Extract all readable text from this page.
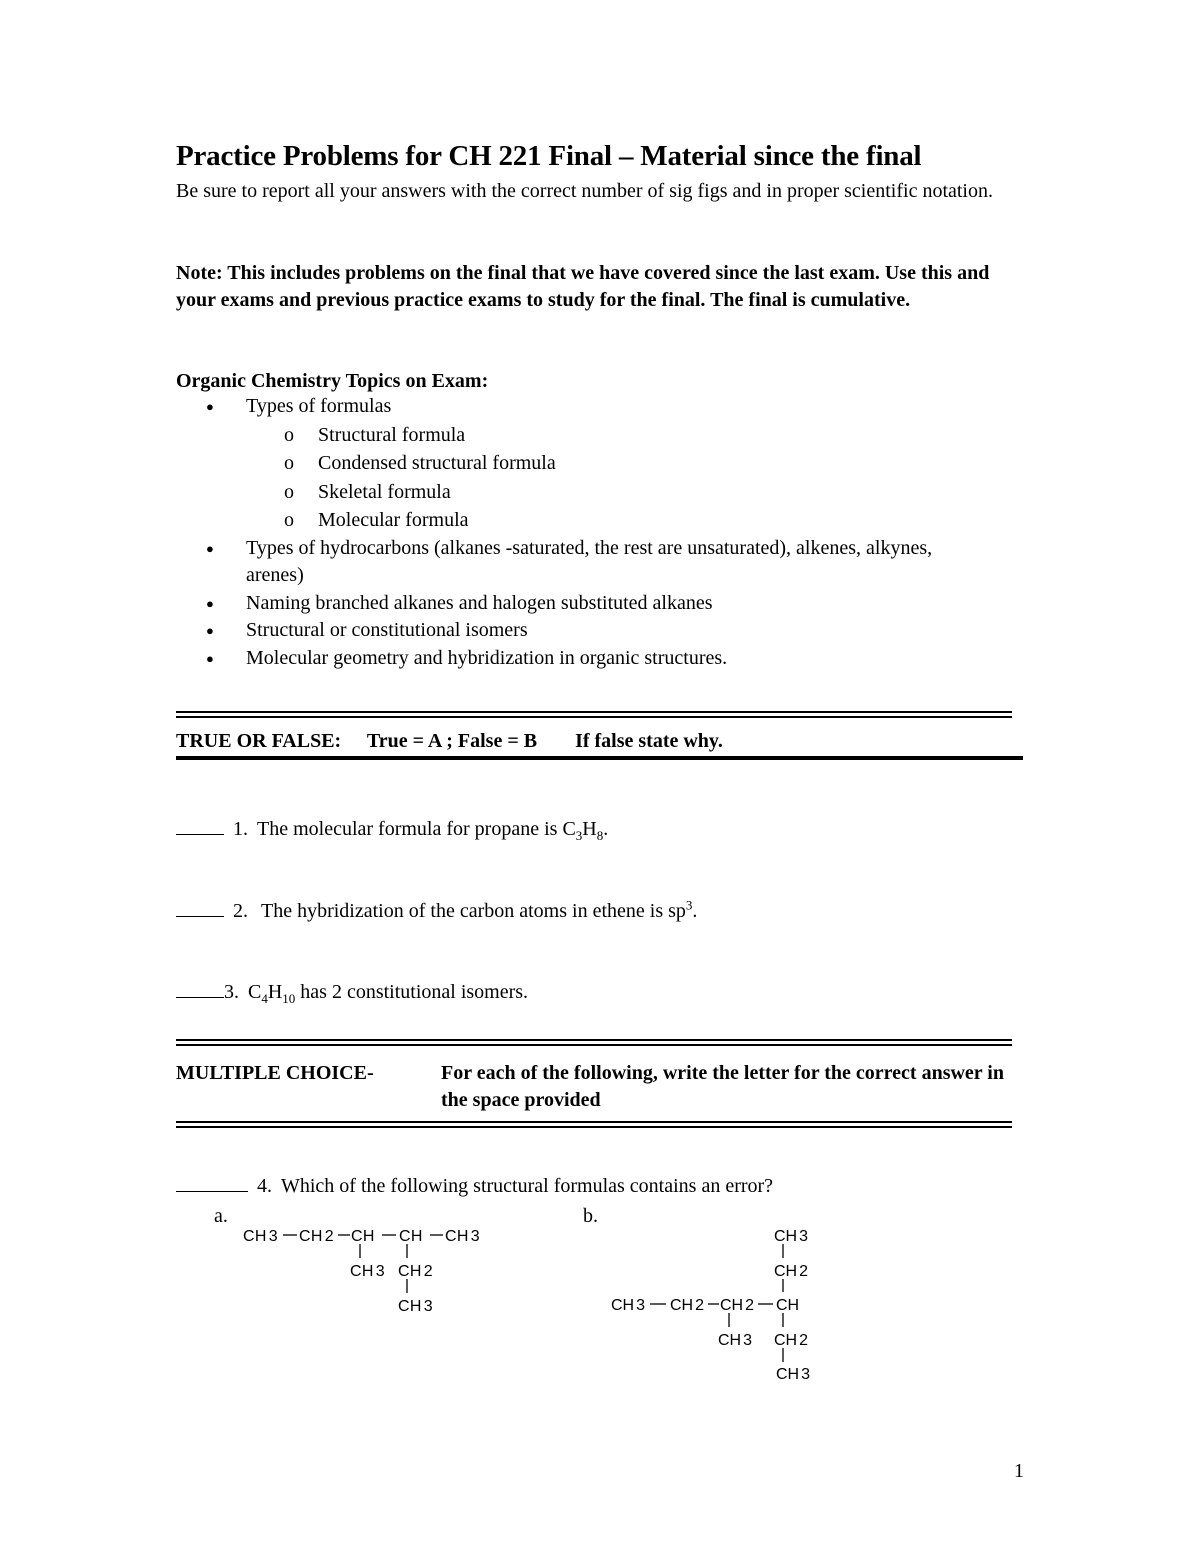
Practice Problems for CH 221 Final – Material since the final
Be sure to report all your answers with the correct number of sig figs and in proper scientific notation.
Note: This includes problems on the final that we have covered since the last exam. Use this and your exams and previous practice exams to study for the final. The final is cumulative.
Organic Chemistry Topics on Exam:
● Types of formulas
o Structural formula
o Condensed structural formula
o Skeletal formula
o Molecular formula
● Types of hydrocarbons (alkanes -saturated, the rest are unsaturated), alkenes, alkynes, arenes)
● Naming branched alkanes and halogen substituted alkanes
● Structural or constitutional isomers
● Molecular geometry and hybridization in organic structures.
TRUE OR FALSE: True = A ; False = B If false state why.
1. The molecular formula for propane is $C_3H_8$.
2. The hybridization of the carbon atoms in ethene is $sp^3$.
3. $C_4H_{10}$ has 2 constitutional isomers.
MULTIPLE CHOICE-	For each of the following, write the letter for the correct answer in the space provided
4. Which of the following structural formulas contains an error?
a.	b.
CH 3 CH 2 CH CH CH 3
CH 3 CH 2
CH 3
CH 3
CH 2
CH 3 CH 2 CH 2 CH
CH 3 CH 2
CH 3
1
